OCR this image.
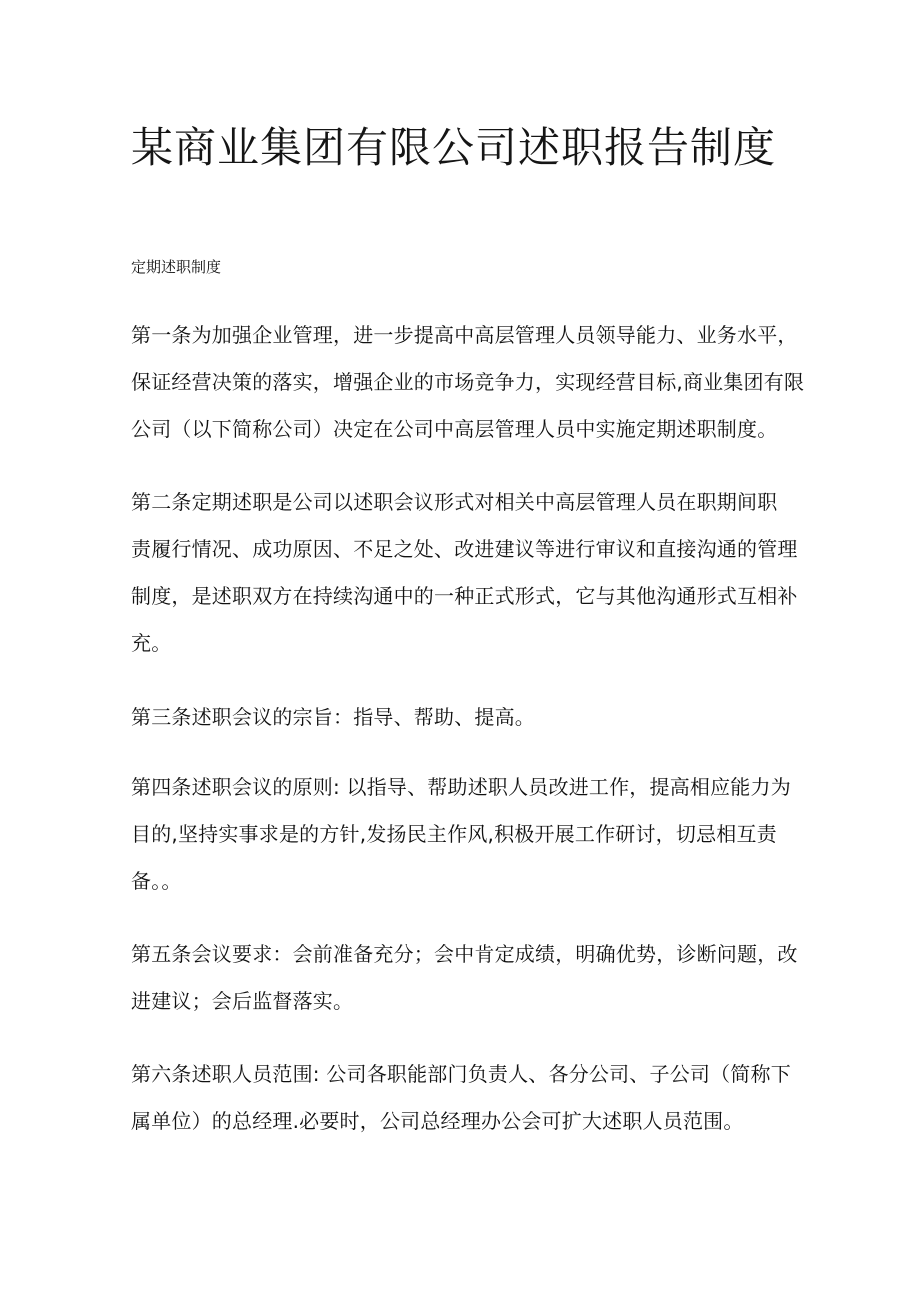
某商业集团有限公司述职报告制度

定期述职制度

第一条为加强企业管理，进一步提高中高层管理人员领导能力、业务水平，
保证经营决策的落实，增强企业的市场竞争力，实现经营目标,商业集团有限
公司（以下简称公司）决定在公司中高层管理人员中实施定期述职制度。

第二条定期述职是公司以述职会议形式对相关中高层管理人员在职期间职
责履行情况、成功原因、不足之处、改进建议等进行审议和直接沟通的管理
制度，是述职双方在持续沟通中的一种正式形式，它与其他沟通形式互相补
充。

第三条述职会议的宗旨：指导、帮助、提高。

第四条述职会议的原则: 以指导、帮助述职人员改进工作，提高相应能力为
目的,坚持实事求是的方针,发扬民主作风,积极开展工作研讨，切忌相互责
备。。

第五条会议要求：会前准备充分；会中肯定成绩，明确优势，诊断问题，改
进建议；会后监督落实。

第六条述职人员范围: 公司各职能部门负责人、各分公司、子公司（简称下
属单位）的总经理.必要时，公司总经理办公会可扩大述职人员范围。
